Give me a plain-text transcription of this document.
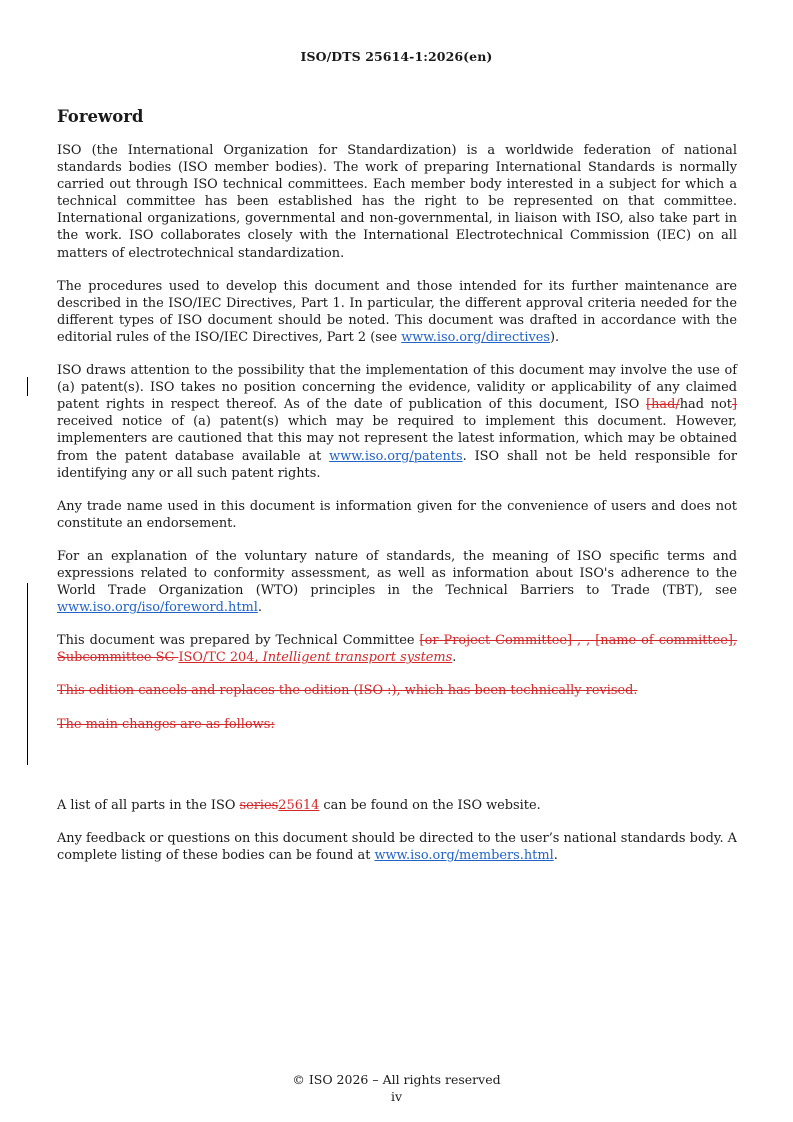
ISO/DTS 25614-1:2026(en)
Foreword

ISO (the International Organization for Standardization) is a worldwide federation of national standards bodies (ISO member bodies). The work of preparing International Standards is normally carried out through ISO technical committees. Each member body interested in a subject for which a technical committee has been established has the right to be represented on that committee. International organizations, governmental and non-governmental, in liaison with ISO, also take part in the work. ISO collaborates closely with the International Electrotechnical Commission (IEC) on all matters of electrotechnical standardization.

The procedures used to develop this document and those intended for its further maintenance are described in the ISO/IEC Directives, Part 1. In particular, the different approval criteria needed for the different types of ISO document should be noted. This document was drafted in accordance with the editorial rules of the ISO/IEC Directives, Part 2 (see www.iso.org/directives).

ISO draws attention to the possibility that the implementation of this document may involve the use of (a) patent(s). ISO takes no position concerning the evidence, validity or applicability of any claimed patent rights in respect thereof. As of the date of publication of this document, ISO [had/had not] received notice of (a) patent(s) which may be required to implement this document. However, implementers are cautioned that this may not represent the latest information, which may be obtained from the patent database available at www.iso.org/patents. ISO shall not be held responsible for identifying any or all such patent rights.

Any trade name used in this document is information given for the convenience of users and does not constitute an endorsement.

For an explanation of the voluntary nature of standards, the meaning of ISO specific terms and expressions related to conformity assessment, as well as information about ISO's adherence to the World Trade Organization (WTO) principles in the Technical Barriers to Trade (TBT), see www.iso.org/iso/foreword.html.

This document was prepared by Technical Committee [or Project Committee] , , [name of committee], Subcommittee SC ISO/TC 204, Intelligent transport systems.

This edition cancels and replaces the edition (ISO :), which has been technically revised.

The main changes are as follows:

A list of all parts in the ISO series25614 can be found on the ISO website.

Any feedback or questions on this document should be directed to the user’s national standards body. A complete listing of these bodies can be found at www.iso.org/members.html.

© ISO 2026 – All rights reserved
iv
